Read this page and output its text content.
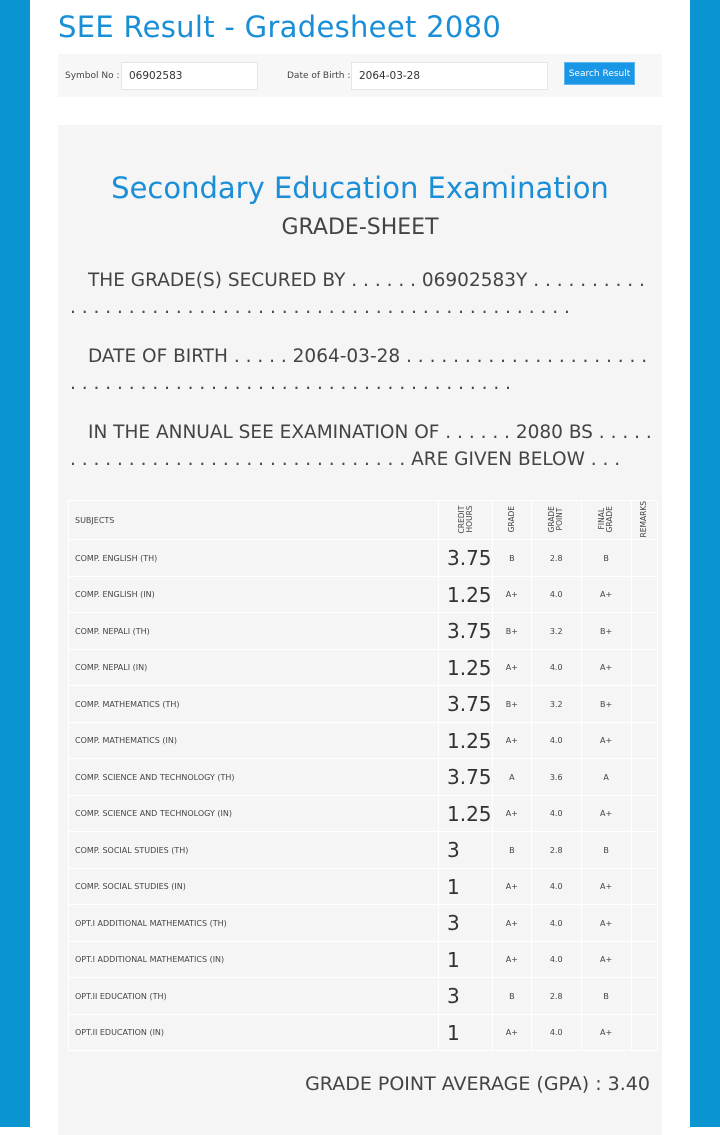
SEE Result - Gradesheet 2080
Symbol No : 06902583	Date of Birth : 2064-03-28	Search Result
Secondary Education Examination
GRADE-SHEET
THE GRADE(S) SECURED BY . . . . . . 06902583Y . . . . . . . . . . . . . . . . . . . . . . . . . . . . . . . . . . . . . . . . . . . . . . . . . . . . .
DATE OF BIRTH . . . . . 2064-03-28 . . . . . . . . . . . . . . . . . . . . . . . . . . . . . . . . . . . . . . . . . . . . . . . . . . . . . . . . . . .
IN THE ANNUAL SEE EXAMINATION OF . . . . . . 2080 BS . . . . . . . . . . . . . . . . . . . . . . . . . . . . . . . . . . ARE GIVEN BELOW . . .
SUBJECTS	CREDIT HOURS	GRADE	GRADE POINT	FINAL GRADE	REMARKS
COMP. ENGLISH (TH)	3.75	B	2.8	B	
COMP. ENGLISH (IN)	1.25	A+	4.0	A+	
COMP. NEPALI (TH)	3.75	B+	3.2	B+	
COMP. NEPALI (IN)	1.25	A+	4.0	A+	
COMP. MATHEMATICS (TH)	3.75	B+	3.2	B+	
COMP. MATHEMATICS (IN)	1.25	A+	4.0	A+	
COMP. SCIENCE AND TECHNOLOGY (TH)	3.75	A	3.6	A	
COMP. SCIENCE AND TECHNOLOGY (IN)	1.25	A+	4.0	A+	
COMP. SOCIAL STUDIES (TH)	3	B	2.8	B	
COMP. SOCIAL STUDIES (IN)	1	A+	4.0	A+	
OPT.I ADDITIONAL MATHEMATICS (TH)	3	A+	4.0	A+	
OPT.I ADDITIONAL MATHEMATICS (IN)	1	A+	4.0	A+	
OPT.II EDUCATION (TH)	3	B	2.8	B	
OPT.II EDUCATION (IN)	1	A+	4.0	A+	
GRADE POINT AVERAGE (GPA) : 3.40
